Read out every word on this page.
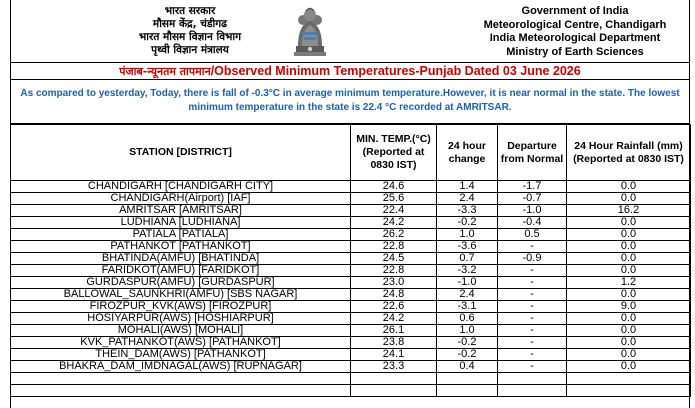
भारत सरकार
मौसम केंद्र, चंडीगढ
भारत मौसम विज्ञान विभाग
पृथ्वी विज्ञान मंत्रालय
Government of India
Meteorological Centre, Chandigarh
India Meteorological Department
Ministry of Earth Sciences
पंजाब-न्यूनतम तापमान/Observed Minimum Temperatures-Punjab Dated 03 June 2026
As compared to yesterday, Today, there is fall of -0.3°C in average minimum temperature.However, it is near normal in the state. The lowest minimum temperature in the state is 22.4 °C recorded at AMRITSAR.
STATION [DISTRICT]	MIN. TEMP.(°C) (Reported at 0830 IST)	24 hour change	Departure from Normal	24 Hour Rainfall (mm) (Reported at 0830 IST)
CHANDIGARH [CHANDIGARH CITY]	24.6	1.4	-1.7	0.0
CHANDIGARH(Airport) [IAF]	25.6	2.4	-0.7	0.0
AMRITSAR [AMRITSAR]	22.4	-3.3	-1.0	16.2
LUDHIANA [LUDHIANA]	24.2	-0.2	-0.4	0.0
PATIALA [PATIALA]	26.2	1.0	0.5	0.0
PATHANKOT [PATHANKOT]	22.8	-3.6	-	0.0
BHATINDA(AMFU) [BHATINDA]	24.5	0.7	-0.9	0.0
FARIDKOT(AMFU) [FARIDKOT]	22.8	-3.2	-	0.0
GURDASPUR(AMFU) [GURDASPUR]	23.0	-1.0	-	1.2
BALLOWAL_SAUNKHRI(AMFU) [SBS NAGAR]	24.8	2.4	-	0.0
FIROZPUR_KVK(AWS) [FIROZPUR]	22.6	-3.1	-	9.0
HOSIYARPUR(AWS) [HOSHIARPUR]	24.2	0.6	-	0.0
MOHALI(AWS) [MOHALI]	26.1	1.0	-	0.0
KVK_PATHANKOT(AWS) [PATHANKOT]	23.8	-0.2	-	0.0
THEIN_DAM(AWS) [PATHANKOT]	24.1	-0.2	-	0.0
BHAKRA_DAM_IMDNAGAL(AWS) [RUPNAGAR]	23.3	0.4	-	0.0
